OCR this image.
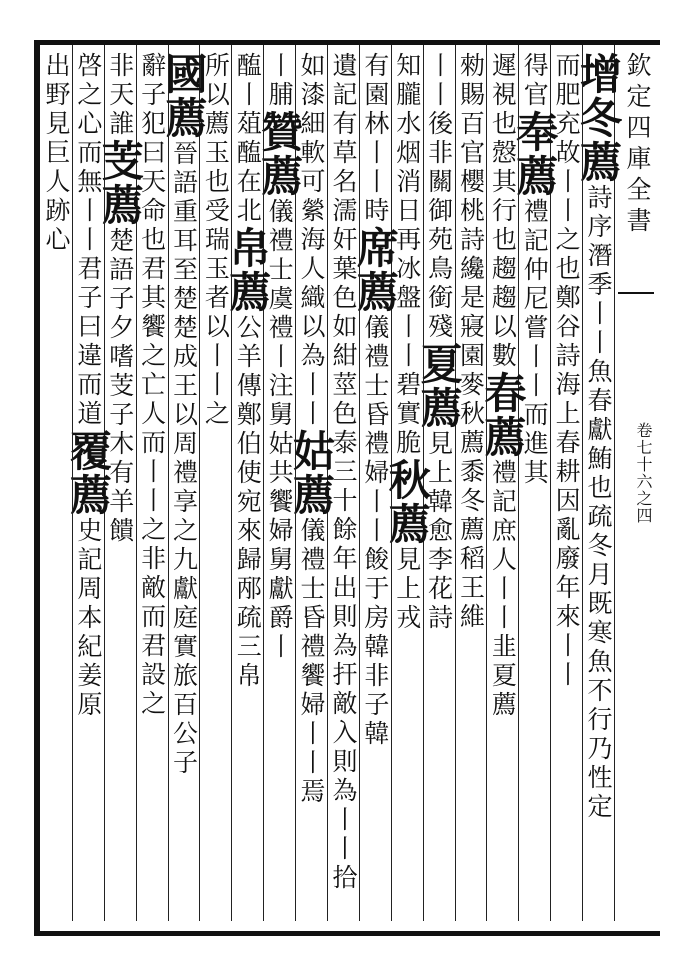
欽定四庫全書
卷七十六之四
增冬薦詩序潛季丨丨魚春獻鮪也疏冬月既寒魚不行乃性定
而肥充故丨丨之也鄭谷詩海上春耕因亂廢年來丨丨
得官奉薦禮記仲尼嘗丨丨而進其
遲視也慤其行也趨趨以數春薦禮記庶人丨丨韭夏薦
勑賜百官櫻桃詩纔是寢園麥秋薦黍冬薦稻王維
丨丨後非關御苑鳥銜殘夏薦見上韓愈李花詩
知朧水烟消日再冰盤丨丨碧實脆秋薦見上戎
有園林丨丨時席薦儀禮士昏禮婦丨丨餕于房韓非子韓
遺記有草名濡奸葉色如紺莖色泰三十餘年出則為扞敵入則為丨丨拾
如漆細軟可縈海人織以為丨丨姑薦儀禮士昏禮饗婦丨丨焉
丨脯贊薦儀禮士虞禮丨注舅姑共饗婦舅獻爵丨
醢丨葅醢在北帛薦公羊傳鄭伯使宛來歸邴疏三帛
所以薦玉也受瑞玉者以丨丨之
國薦晉語重耳至楚楚成王以周禮享之九獻庭實旅百公子
辭子犯曰天命也君其饗之亡人而丨丨之非敵而君設之
非天誰芰薦楚語子夕嗜芰子木有羊饋
啓之心而無丨丨君子曰違而道覆薦史記周本紀姜原
出野見巨人跡心
